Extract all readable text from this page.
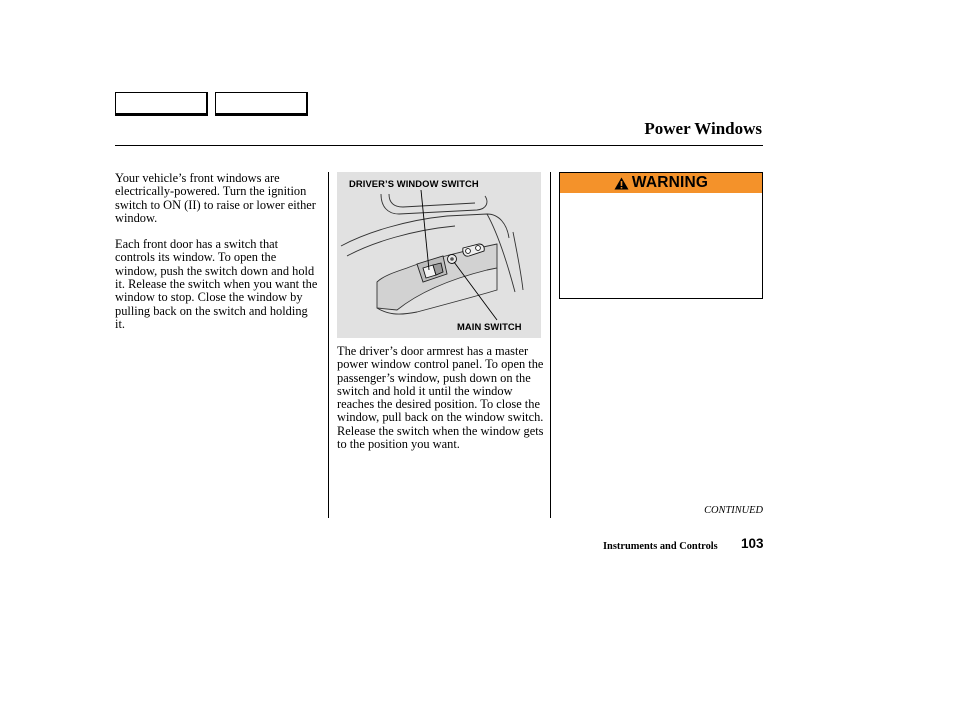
Power Windows

Your vehicle’s front windows are electrically-powered. Turn the ignition switch to ON (II) to raise or lower either window.

Each front door has a switch that controls its window. To open the window, push the switch down and hold it. Release the switch when you want the window to stop. Close the window by pulling back on the switch and holding it.

DRIVER’S WINDOW SWITCH
MAIN SWITCH

The driver’s door armrest has a master power window control panel. To open the passenger’s window, push down on the switch and hold it until the window reaches the desired position. To close the window, pull back on the window switch. Release the switch when the window gets to the position you want.

WARNING
CONTINUED
Instruments and Controls 103
